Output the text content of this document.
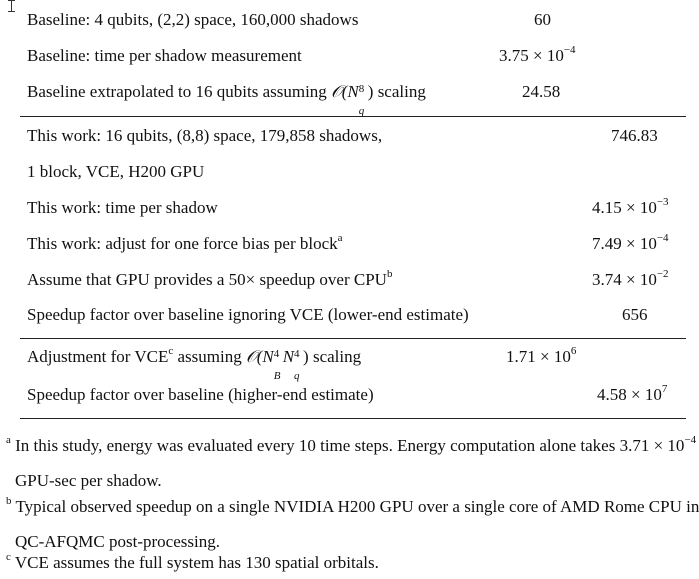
Baseline: 4 qubits, (2,2) space, 160,000 shadows	60
Baseline: time per shadow measurement	$3.75 \times 10^{-4}$
Baseline extrapolated to 16 qubits assuming 𝒪(N 8
q
) scaling	24.58
This work: 16 qubits, (8,8) space, 179,858 shadows,	746.83
1 block, VCE, H200 GPU
This work: time per shadow	$4.15 \times 10^{-3}$
This work: adjust for one force bias per block$^a$	$7.49 \times 10^{-4}$
Assume that GPU provides a 50× speedup over CPU$^b$	$3.74 \times 10^{-2}$
Speedup factor over baseline ignoring VCE (lower-end estimate)	656
Adjustment for VCE$^c$ assuming 𝒪(N 4
B
N 4
q
) scaling	$1.71 \times 10^6$
Speedup factor over baseline (higher-end estimate)	$4.58 \times 10^7$
$^a$ In this study, energy was evaluated every 10 time steps. Energy computation alone takes $3.71 \times 10^{-4}$
GPU-sec per shadow.
$^b$ Typical observed speedup on a single NVIDIA H200 GPU over a single core of AMD Rome CPU in
QC-AFQMC post-processing.
$^c$ VCE assumes the full system has 130 spatial orbitals.
